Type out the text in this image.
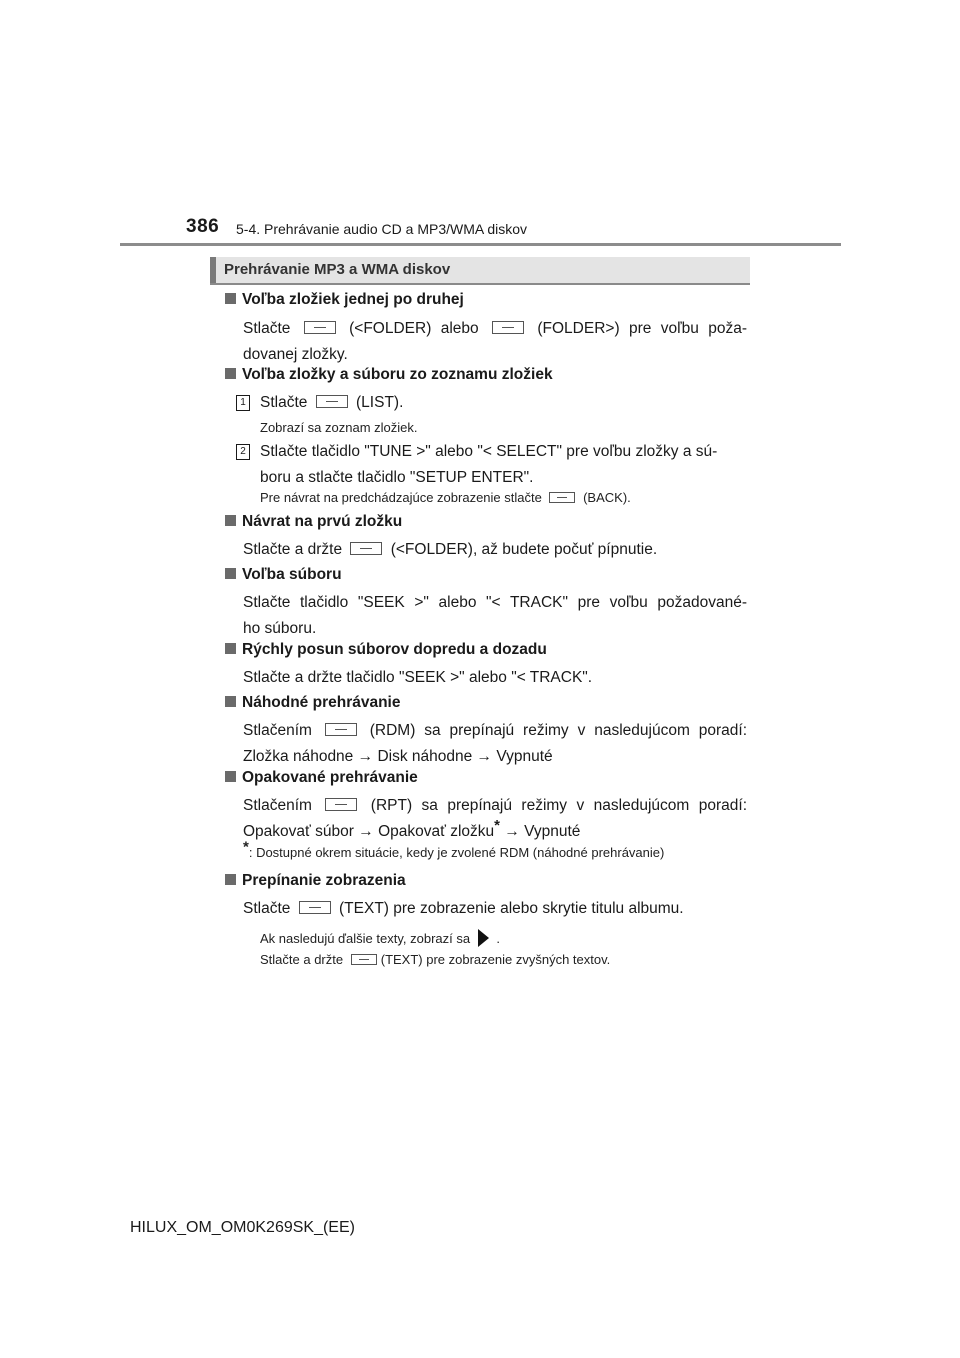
386 5-4. Prehrávanie audio CD a MP3/WMA diskov
Prehrávanie MP3 a WMA diskov
Voľba zložiek jednej po druhej
Stlačte	(<FOLDER) alebo	(FOLDER>) pre voľbu poža-
dovanej zložky.
Voľba zložky a súboru zo zoznamu zložiek
1 Stlačte	(LIST).
Zobrazí sa zoznam zložiek.
2 Stlačte tlačidlo "TUNE >" alebo "< SELECT" pre voľbu zložky a sú-
boru a stlačte tlačidlo "SETUP ENTER".
Pre návrat na predchádzajúce zobrazenie stlačte	(BACK).
Návrat na prvú zložku
Stlačte a držte	(<FOLDER), až budete počuť pípnutie.
Voľba súboru
Stlačte tlačidlo "SEEK >" alebo "< TRACK" pre voľbu požadované-
ho súboru.
Rýchly posun súborov dopredu a dozadu
Stlačte a držte tlačidlo "SEEK >" alebo "< TRACK".
Náhodné prehrávanie
Stlačením	(RDM) sa prepínajú režimy v nasledujúcom poradí:
Zložka náhodne → Disk náhodne → Vypnuté
Opakované prehrávanie
Stlačením	(RPT) sa prepínajú režimy v nasledujúcom poradí:
Opakovať súbor → Opakovať zložku* → Vypnuté
*: Dostupné okrem situácie, kedy je zvolené RDM (náhodné prehrávanie)
Prepínanie zobrazenia
Stlačte	(TEXT) pre zobrazenie alebo skrytie titulu albumu.
Ak nasledujú ďalšie texty, zobrazí sa .
Stlačte a držte	(TEXT) pre zobrazenie zvyšných textov.
HILUX_OM_OM0K269SK_(EE)
